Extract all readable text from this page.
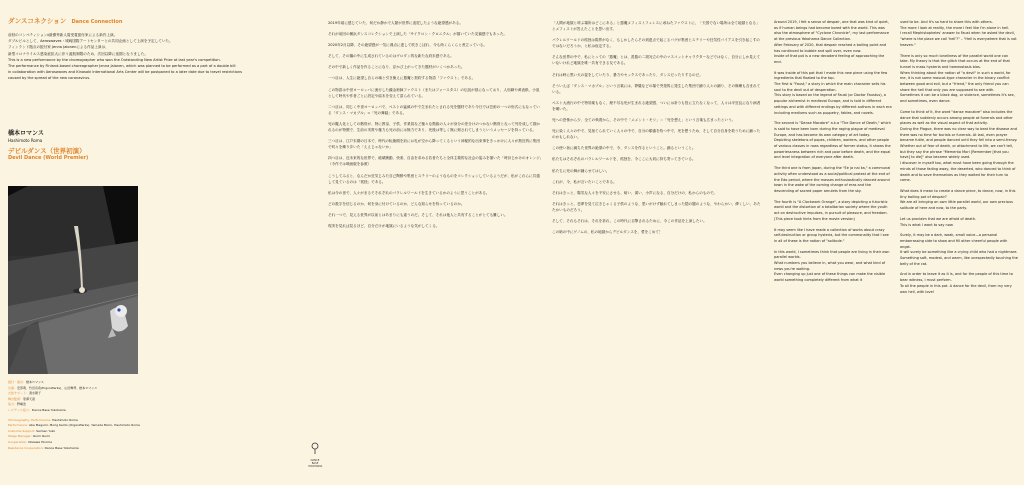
ダンスコネクション Dance Connection

前回のコンペティション‡最優秀新人賞受賞振付家による新作上演。

ダブルビルとして、Aeroswaves・城崎国際アートセンターとの共同企画として上演を予定していた。

フィンランド拠点の振付家 Jenna Jalonenによる作品上演は、

新型コロナウイルス感染症拡大に伴う渡航制限のため、次回以降に延期となりました。

This is a new performance by the choreographer who won the Outstanding New Artist Prize at last year's competition.

The performance by Finland-based choreographer Jenna Jalonen, which was planned to be performed as a part of a double bill

in collaboration with Aeroswaves and Kinosaki International Arts Center will be postponed to a later date due to travel restrictions

caused by the spread of the new coronavirus.

橋本ロマンス

Hashimoto Roma

デビルダンス（世界初演）

Devil Dance (World Premier)

振付・演出：橋本ロマンス

出演：安部萌、竹田有希(ErgonWerks)、山田舞琴、橋本ロマンス

衣装サポート：清水陽子

舞台監督：原澤天渚

協力：野嶋浩

レジデンス協力：Dance Base Yokohama

Choreography, Performance: Hashimoto Roma

Performance: Abe Megumi, Morig Kaoto (OrganWerks), Yamada Morin, Hashimoto Roma

Costume Support: Saiman Yuko

Stage Manager: Izumi Izumi

Cooperation: Nozawa Hiroma

Residence Cooperation: Dance Base Yokohama

DANCE BASE YOKOHAMA

2019年頃に感じていた、何だか静かで人類が世界に追従したような絶望感がある。

それが前回の横浜ダンスコレクションで上演した「サイクロン・クロニクル」が描いていた災禍感でもあった。

2020年2月以降、その絶望感が一気に沸点に達して吹きこぼれ、今も尚くらくらと煮立っている。

そして、その鍋の中に生成されているのはグロダン的な新たな終末感である。

その中で新しく作品を作ることになり、浮かび上がってきた題材がいくつかあった。

一つ目は、人生に絶望し自らの魂と引き換えに悪魔と契約する物語「ファウスト」である。

この物語は中世ヨーロッパに流行した錬金術師ファウスト（またはフォースタス）の伝説が基になっており、人形劇や黄表紙、小説として時代や作者ごとに設定や結末を変えて語られている。

二つ目は、同じく中世ヨーロッパで、ペストの猛威の中で生まれたとされる死を題材であり今日では芸術の一つの形式にもなっている「ダンス・マカブル」=「死の舞踏」である。

死の擬人化としての骸骨が、特に教皇、子供、作業員など様々な階級の人々が身分の差分けのつかない骸骨となって列を成して描かれるのが特徴で、生前の実質や権力も死の前には無力であり、死後は等しく無に帰されてしまうというメッセージを持っている。

三つ目は、江戸末期の日本で、時代の転換期を前にお札が空から降ってくるという神秘的な出来事をきっかけに人々が熱狂的に集団で町々を練り歩いた「ええじゃないか」

四つ目は、近未来的な世界で、破壊衝動、快楽、自由を求める若者たちと全体主義的な社会の姿みを描いた「時計じかけのオレンジ」（今作では映画版を参照）

こうしてみると、なんだか狂気じみた自己陶酔や集団ヒステリーのようなものをコレクションしているようだが、私がこれらに共通して見ているのは「孤独」である。

私は今の世で、人々がまるでそれぞれのパラレルワールドを生きているかのように思うことがある。

どの数字を信じるのか、何を身に付けているのか、どんな知らせを待っているのか。

それ一つで、見える世界が以前とはあまりにも違うのだ。そして、それは他人と共有することがとても難しい。

現実を見れば見るほど、自分だけが地獄にいるような気がしてくる。

「人間が地獄と呼ぶ場所はどこにある」と悪魔メフィストフェレスに尋ねたファウストに、「天国でない場所は全て地獄となる」とメフィストが答えたことを思い出す。

パラレルワールドの孤独は際界がなく、もしかしたらその到達点で起こるバグが集団ヒステリーや狂気性バイアスを引き起こすのではないだろうか、と私は仮定する。

そんな世界の中で、私にとっての「悪魔」とは、善悪の二項対立の中のマスコットキャラクターなどではなく、自分にしか見えていないけれど地獄を唯一共有できる友である。

それは時に黒い犬の姿をしていたり、暴力やセックスであったり、ダンスだったりするのだ。

そういえば「ダンス・マカブル」という言葉には、葬儀などの場で突発的に発生した集団で踊り人々の踊り、その修練も含まれている。

ペスト大流行の中で特効薬もなく、理不尽な死が生まれる絶望感、ついには祈りも役に立たなくなって、人々は半狂乱になり病者を嘆いた。

死への恐怖から少、全ての執着から、その中で「メメント・モリ」＝「死を想え」という言葉も広まったという。

死に染く人々の中で、見捨てられていく人々の中で、自分の順番を待つ中で、死を想うため、そして自分自身を救うために踊ったのかもしれない。

この使い捨に満ちた世界の絶望の中で、今、ダンスを作るということ。踊るということ。

私たちはそれぞれのパラレルワールドを、孤独を、今ここに大切に持ち寄ってきている。

私たちに死の舞が踊らせてはしい。

これが、今、私が言いたいことである。

それはきっと、陽気な人々を不安にさせる、暗い、弱い、小声になる、自分だけの、私からのもので。

それはきっと、悲夢を見て泣きじゃくる子供のような、思いがけず触れてしまった隠の闇のような、やわらかい、儚くしい、あたたかいものだろう。

そして、それもそれは、それを祈れ、この時代に目撃されるために、今この作品を上演したい。

この暗の中にゲノムの、私の地獄からデビルダンスを、愛をこめて！

Around 2019, I felt a sense of despair, one that was kind of quiet, as if human beings had become bored with the world. This was also the atmosphere of "Cyclone Chronicle", my last performance at the previous Yokohama Dance Collection.
After February of 2020, that despair reached a boiling point and has continued to bubble and spill over, even now.
Inside of that pot is a new decadent feeling of approaching the end.

It was inside of this pot that I made this new piece using the few ingredients that floated to the top.
The first is "Faust," a story in which the main character sells his soul to the devil out of desperation.
This story is based on the legend of Faust (or Doctor Faustus), a popular alchemist in medieval Europe, and is told in different settings and with different endings by different authors in each era including mediums such as puppetry, fables, and novels.

The second is "Danse Macabre" a.k.a "The Dance of Death," which is said to have been born during the raging plague of medieval Europe, and has become its own category of art today.
Depicting skeletons of popes, children, workers, and other people of various classes in rows regardless of former status, it shows the powerlessness between rich and poor before death, and the equal and level integration of everyone after death.

The third one is from Japan, during the "Ee ja nai ka," a communal activity often understood as a social/political protest at the end of the Edo period, where the masses enthusiastically danced around town in the wake of the coming change of eras and the descending of sacred paper amulets from the sky.

The fourth is "A Clockwork Orange", a story depicting a futuristic world and the distortion of a totalitarian society where the youth act on destructive impulses, in pursuit of pleasure, and freedom. (This piece took hints from the movie version)

It may seem like I have made a collection of works about crazy self-destruction or group hysteria, but the commonality that I see in all of these is the notion of "solitude."

In this world, I sometimes think that people are living in their own parallel worlds.
What numbers you believe in, what you wear, and what kind of news you're waiting.
Even changing up just one of these things can make the visible world something completely different from what it

used to be. And it's so hard to share this with others.
The more I look at reality, the more I feel like I'm alone in hell.
I recall Mephistopheles' answer to Faust when he asked the devil, "where is the place we call 'hell'?" – "Hell is everywhere that is not heaven."

There is only so much loneliness of the parallel world one can take. My theory is that the glitch that occurs at the end of that tunnel is mass hysteria and homeostasis bias.
When thinking about the notion of "a devil" in such a world, for me, it is not some mascot-type character in the binary conflict between good and evil, but a "friend," the only friend you can share the hell that only you are supposed to see with.
Sometimes it can be a black dog, or violence, sometimes it's sex, and sometimes, even dance.

Come to think of it, the word "danse macabre" also includes the dance that suddenly occurs among people at funerals and other places as well as the visual aspect of that activity.
During the Plague, there was no clear way to beat the disease and there was no time for burials or funerals. At last, even prayer became futile, and people danced until they fell into a semi-frenzy.
Whether out of fear of death, or attachment to life, we can't tell, but they say the phrase "Memento Mori [Remember [that you have] to die]" also became widely used.
I discover in myself too, what must have been going through the minds of those fading away, the deserted, who danced to think of death and to save themselves as they waited for their turn to come.

What does it mean to create a dance piece, to dance, now, in this tiny boiling pot of despair?
We are all bringing on own little parallel world, our own precious solitude of here and now, to the party.

Let us proclaim that we are afraid of death.
This is what I want to say now.

Surely, it may be a dark, weak, small voice—a personal embarrassing side to show and fill other cheerful people with angst.
It will surely be something like a crying child who had a nightmare. Something soft, modest, and warm, like unexpectedly touching the belly of the cat.

And in order to leave it as it is, and for the people of this time to bear witness, I must perform.
To all the people in this pot. A dance for the devil, from my very own hell, with love!
